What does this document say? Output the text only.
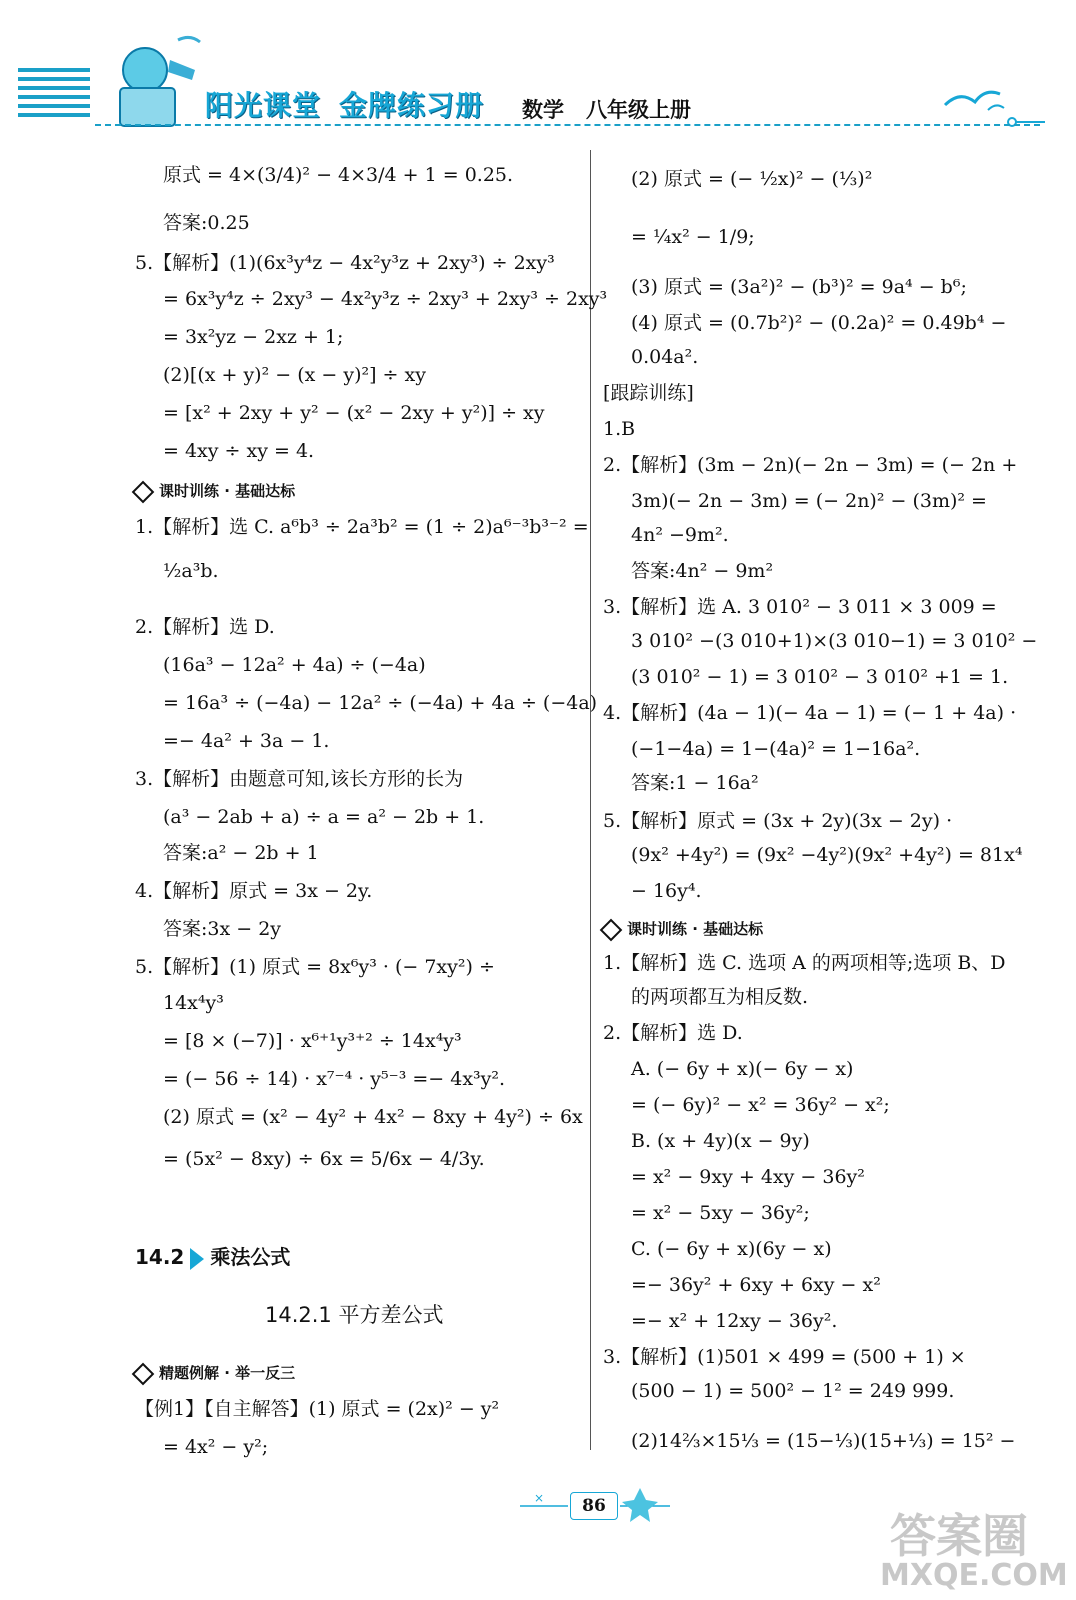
阳光课堂 金牌练习册	数学 八年级上册
原式 = 4×(3/4)² − 4×3/4 + 1 = 0.25.
答案:0.25
5.【解析】(1)(6x³y⁴z − 4x²y³z + 2xy³) ÷ 2xy³
= 6x³y⁴z ÷ 2xy³ − 4x²y³z ÷ 2xy³ + 2xy³ ÷ 2xy³
= 3x²yz − 2xz + 1;
(2)[(x + y)² − (x − y)²] ÷ xy
= [x² + 2xy + y² − (x² − 2xy + y²)] ÷ xy
= 4xy ÷ xy = 4.
课时训练 · 基础达标
1.【解析】选 C. a⁶b³ ÷ 2a³b² = (1 ÷ 2)a⁶⁻³b³⁻² =
½a³b.
2.【解析】选 D.
(16a³ − 12a² + 4a) ÷ (−4a)
= 16a³ ÷ (−4a) − 12a² ÷ (−4a) + 4a ÷ (−4a)
=− 4a² + 3a − 1.
3.【解析】由题意可知,该长方形的长为
(a³ − 2ab + a) ÷ a = a² − 2b + 1.
答案:a² − 2b + 1
4.【解析】原式 = 3x − 2y.
答案:3x − 2y
5.【解析】(1) 原式 = 8x⁶y³ · (− 7xy²) ÷
14x⁴y³
= [8 × (−7)] · x⁶⁺¹y³⁺² ÷ 14x⁴y³
= (− 56 ÷ 14) · x⁷⁻⁴ · y⁵⁻³ =− 4x³y².
(2) 原式 = (x² − 4y² + 4x² − 8xy + 4y²) ÷ 6x
= (5x² − 8xy) ÷ 6x = 5/6x − 4/3y.
14.2 乘法公式
14.2.1 平方差公式
精题例解 · 举一反三
【例1】【自主解答】(1) 原式 = (2x)² − y²
= 4x² − y²;
(2) 原式 = (− ½x)² − (⅓)²
= ¼x² − 1/9;
(3) 原式 = (3a²)² − (b³)² = 9a⁴ − b⁶;
(4) 原式 = (0.7b²)² − (0.2a)² = 0.49b⁴ −
0.04a².
[跟踪训练]
1.B
2.【解析】(3m − 2n)(− 2n − 3m) = (− 2n +
3m)(− 2n − 3m) = (− 2n)² − (3m)² =
4n² −9m².
答案:4n² − 9m²
3.【解析】选 A. 3 010² − 3 011 × 3 009 =
3 010² −(3 010+1)×(3 010−1) = 3 010² −
(3 010² − 1) = 3 010² − 3 010² +1 = 1.
4.【解析】(4a − 1)(− 4a − 1) = (− 1 + 4a) ·
(−1−4a) = 1−(4a)² = 1−16a².
答案:1 − 16a²
5.【解析】原式 = (3x + 2y)(3x − 2y) ·
(9x² +4y²) = (9x² −4y²)(9x² +4y²) = 81x⁴
− 16y⁴.
课时训练 · 基础达标
1.【解析】选 C. 选项 A 的两项相等;选项 B、D
的两项都互为相反数.
2.【解析】选 D.
A. (− 6y + x)(− 6y − x)
= (− 6y)² − x² = 36y² − x²;
B. (x + 4y)(x − 9y)
= x² − 9xy + 4xy − 36y²
= x² − 5xy − 36y²;
C. (− 6y + x)(6y − x)
=− 36y² + 6xy + 6xy − x²
=− x² + 12xy − 36y².
3.【解析】(1)501 × 499 = (500 + 1) ×
(500 − 1) = 500² − 1² = 249 999.
(2)14⅔×15⅓ = (15−⅓)(15+⅓) = 15² −
×	86
答案圈
MXQE.COM
